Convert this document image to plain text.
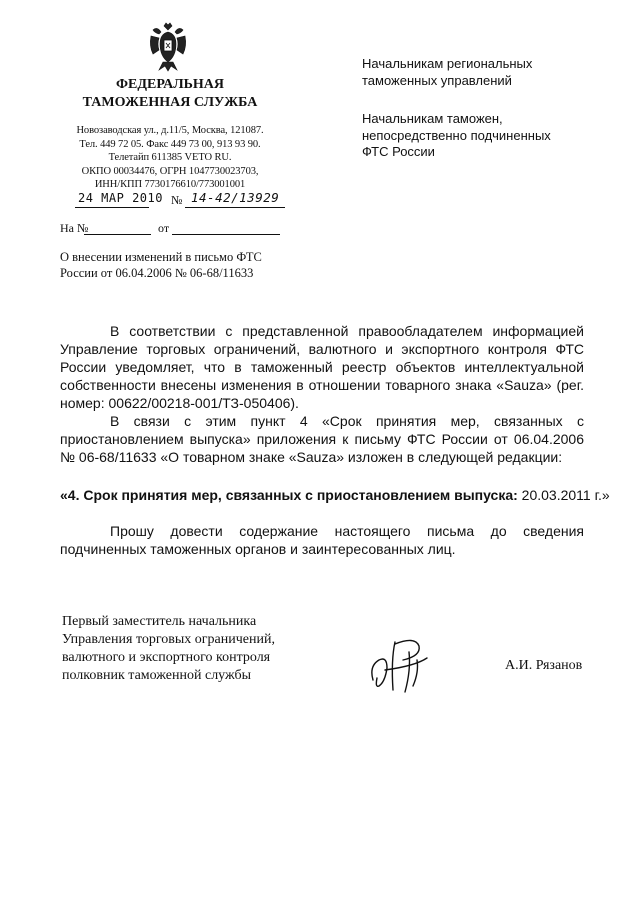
ФЕДЕРАЛЬНАЯ
ТАМОЖЕННАЯ СЛУЖБА
Новозаводская ул., д.11/5, Москва, 121087.
Тел. 449 72 05. Факс 449 73 00, 913 93 90.
Телетайп 611385 VETO RU.
ОКПО 00034476, ОГРН 1047730023703,
ИНН/КПП 7730176610/773001001
24 МАР 2010 № 14-42/13929
На №	от
О внесении изменений в письмо ФТС
России от 06.04.2006 № 06-68/11633

Начальникам региональных
таможенных управлений

Начальникам таможен,
непосредственно подчиненных
ФТС России

В соответствии с представленной правообладателем информацией Управление торговых ограничений, валютного и экспортного контроля ФТС России уведомляет, что в таможенный реестр объектов интеллектуальной собственности внесены изменения в отношении товарного знака «Sauza» (рег. номер: 00622/00218-001/ТЗ-050406).

В связи с этим пункт 4 «Срок принятия мер, связанных с приостановлением выпуска» приложения к письму ФТС России от 06.04.2006 № 06-68/11633 «О товарном знаке «Sauza» изложен в следующей редакции:

«4. Срок принятия мер, связанных с приостановлением выпуска: 20.03.2011 г.»

Прошу довести содержание настоящего письма до сведения подчиненных таможенных органов и заинтересованных лиц.

Первый заместитель начальника
Управления торговых ограничений,
валютного и экспортного контроля
полковник таможенной службы
А.И. Рязанов
